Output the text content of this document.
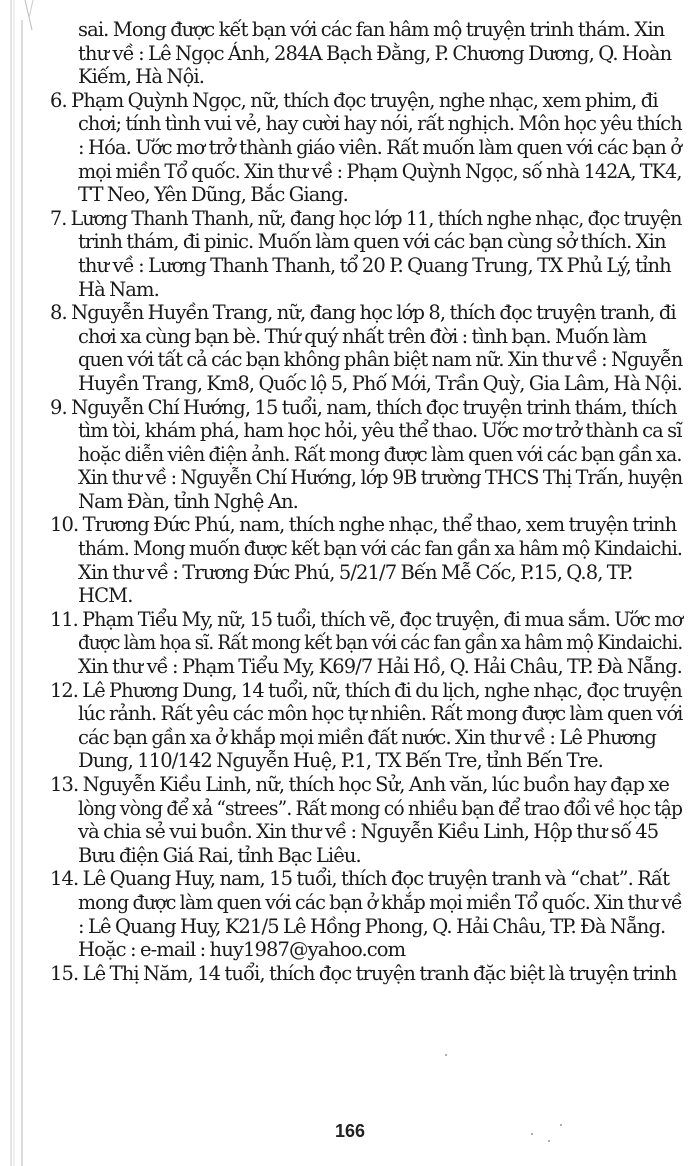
sai. Mong được kết bạn với các fan hâm mộ truyện trinh thám. Xin
thư về : Lê Ngọc Ánh, 284A Bạch Đằng, P. Chương Dương, Q. Hoàn
Kiếm, Hà Nội.
6. Phạm Quỳnh Ngọc, nữ, thích đọc truyện, nghe nhạc, xem phim, đi
chơi; tính tình vui vẻ, hay cười hay nói, rất nghịch. Môn học yêu thích
: Hóa. Ước mơ trở thành giáo viên. Rất muốn làm quen với các bạn ở
mọi miền Tổ quốc. Xin thư về : Phạm Quỳnh Ngọc, số nhà 142A, TK4,
TT Neo, Yên Dũng, Bắc Giang.
7. Lương Thanh Thanh, nữ, đang học lớp 11, thích nghe nhạc, đọc truyện
trinh thám, đi pinic. Muốn làm quen với các bạn cùng sở thích. Xin
thư về : Lương Thanh Thanh, tổ 20 P. Quang Trung, TX Phủ Lý, tỉnh
Hà Nam.
8. Nguyễn Huyền Trang, nữ, đang học lớp 8, thích đọc truyện tranh, đi
chơi xa cùng bạn bè. Thứ quý nhất trên đời : tình bạn. Muốn làm
quen với tất cả các bạn không phân biệt nam nữ. Xin thư về : Nguyễn
Huyền Trang, Km8, Quốc lộ 5, Phố Mới, Trần Quỳ, Gia Lâm, Hà Nội.
9. Nguyễn Chí Hướng, 15 tuổi, nam, thích đọc truyện trinh thám, thích
tìm tòi, khám phá, ham học hỏi, yêu thể thao. Ước mơ trở thành ca sĩ
hoặc diễn viên điện ảnh. Rất mong được làm quen với các bạn gần xa.
Xin thư về : Nguyễn Chí Hướng, lớp 9B trường THCS Thị Trấn, huyện
Nam Đàn, tỉnh Nghệ An.
10. Trương Đức Phú, nam, thích nghe nhạc, thể thao, xem truyện trinh
thám. Mong muốn được kết bạn với các fan gần xa hâm mộ Kindaichi.
Xin thư về : Trương Đức Phú, 5/21/7 Bến Mễ Cốc, P.15, Q.8, TP.
HCM.
11. Phạm Tiểu My, nữ, 15 tuổi, thích vẽ, đọc truyện, đi mua sắm. Ước mơ
được làm họa sĩ. Rất mong kết bạn với các fan gần xa hâm mộ Kindaichi.
Xin thư về : Phạm Tiểu My, K69/7 Hải Hồ, Q. Hải Châu, TP. Đà Nẵng.
12. Lê Phương Dung, 14 tuổi, nữ, thích đi du lịch, nghe nhạc, đọc truyện
lúc rảnh. Rất yêu các môn học tự nhiên. Rất mong được làm quen với
các bạn gần xa ở khắp mọi miền đất nước. Xin thư về : Lê Phương
Dung, 110/142 Nguyễn Huệ, P.1, TX Bến Tre, tỉnh Bến Tre.
13. Nguyễn Kiều Linh, nữ, thích học Sử, Anh văn, lúc buồn hay đạp xe
lòng vòng để xả “strees”. Rất mong có nhiều bạn để trao đổi về học tập
và chia sẻ vui buồn. Xin thư về : Nguyễn Kiều Linh, Hộp thư số 45
Bưu điện Giá Rai, tỉnh Bạc Liêu.
14. Lê Quang Huy, nam, 15 tuổi, thích đọc truyện tranh và “chat”. Rất
mong được làm quen với các bạn ở khắp mọi miền Tổ quốc. Xin thư về
: Lê Quang Huy, K21/5 Lê Hồng Phong, Q. Hải Châu, TP. Đà Nẵng.
Hoặc : e-mail : huy1987@yahoo.com
15. Lê Thị Năm, 14 tuổi, thích đọc truyện tranh đặc biệt là truyện trinh
166
